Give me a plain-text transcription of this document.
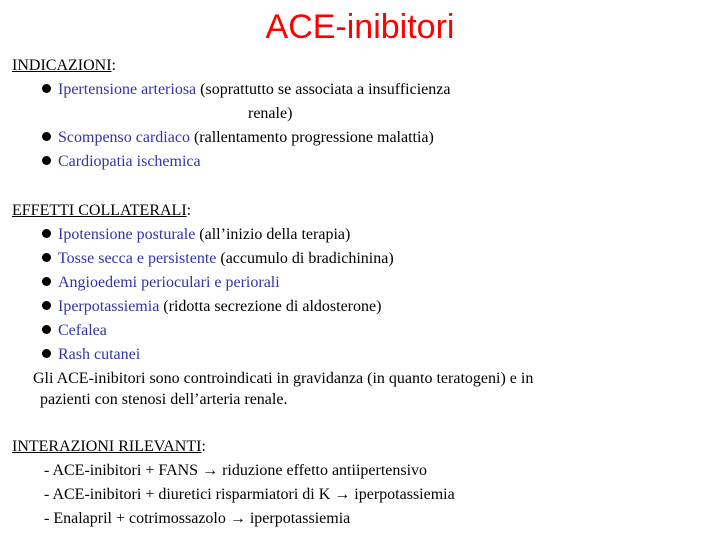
ACE-inibitori
INDICAZIONI:
Ipertensione arteriosa (soprattutto se associata a insufficienza
renale)
Scompenso cardiaco (rallentamento progressione malattia)
Cardiopatia ischemica
EFFETTI COLLATERALI:
Ipotensione posturale (all’inizio della terapia)
Tosse secca e persistente (accumulo di bradichinina)
Angioedemi perioculari e periorali
Iperpotassiemia (ridotta secrezione di aldosterone)
Cefalea
Rash cutanei
Gli ACE-inibitori sono controindicati in gravidanza (in quanto teratogeni) e in
pazienti con stenosi dell’arteria renale.
INTERAZIONI RILEVANTI:
- ACE-inibitori + FANS → riduzione effetto antiipertensivo
- ACE-inibitori + diuretici risparmiatori di K → iperpotassiemia
- Enalapril + cotrimossazolo → iperpotassiemia
